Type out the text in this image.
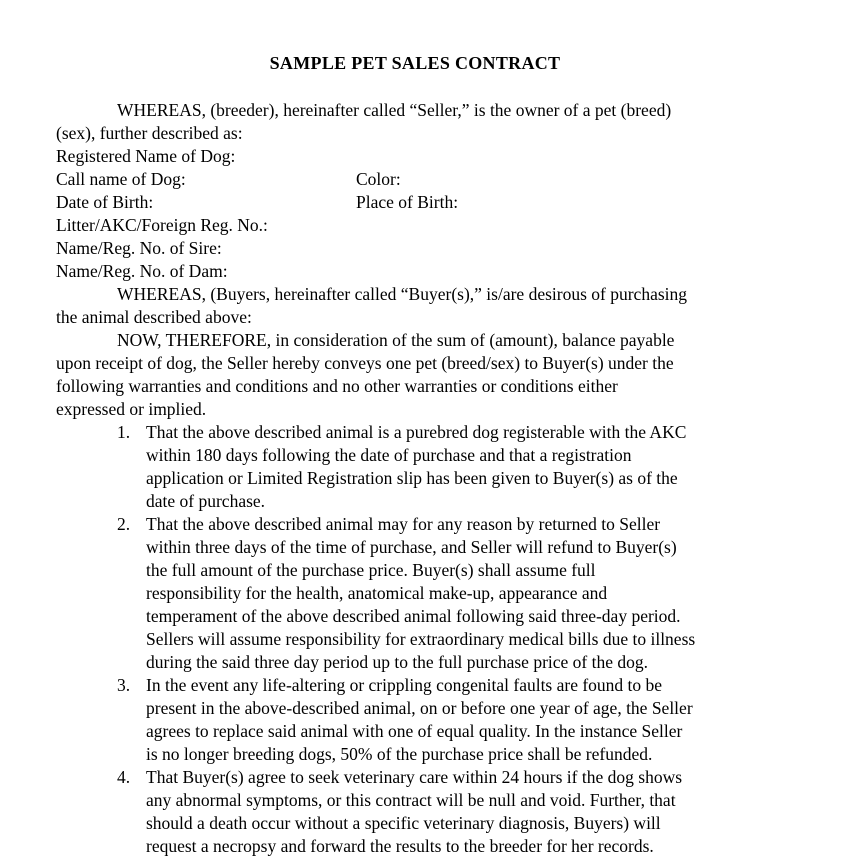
SAMPLE PET SALES CONTRACT
WHEREAS, (breeder), hereinafter called “Seller,” is the owner of a pet (breed)
(sex), further described as:
Registered Name of Dog:
Call name of Dog:	Color:
Date of Birth:	Place of Birth:
Litter/AKC/Foreign Reg. No.:
Name/Reg. No. of Sire:
Name/Reg. No. of Dam:
WHEREAS, (Buyers, hereinafter called “Buyer(s),” is/are desirous of purchasing
the animal described above:
NOW, THEREFORE, in consideration of the sum of (amount), balance payable
upon receipt of dog, the Seller hereby conveys one pet (breed/sex) to Buyer(s) under the
following warranties and conditions and no other warranties or conditions either
expressed or implied.
1. That the above described animal is a purebred dog registerable with the AKC
within 180 days following the date of purchase and that a registration
application or Limited Registration slip has been given to Buyer(s) as of the
date of purchase.
2. That the above described animal may for any reason by returned to Seller
within three days of the time of purchase, and Seller will refund to Buyer(s)
the full amount of the purchase price. Buyer(s) shall assume full
responsibility for the health, anatomical make-up, appearance and
temperament of the above described animal following said three-day period.
Sellers will assume responsibility for extraordinary medical bills due to illness
during the said three day period up to the full purchase price of the dog.
3. In the event any life-altering or crippling congenital faults are found to be
present in the above-described animal, on or before one year of age, the Seller
agrees to replace said animal with one of equal quality. In the instance Seller
is no longer breeding dogs, 50% of the purchase price shall be refunded.
4. That Buyer(s) agree to seek veterinary care within 24 hours if the dog shows
any abnormal symptoms, or this contract will be null and void. Further, that
should a death occur without a specific veterinary diagnosis, Buyers) will
request a necropsy and forward the results to the breeder for her records.
